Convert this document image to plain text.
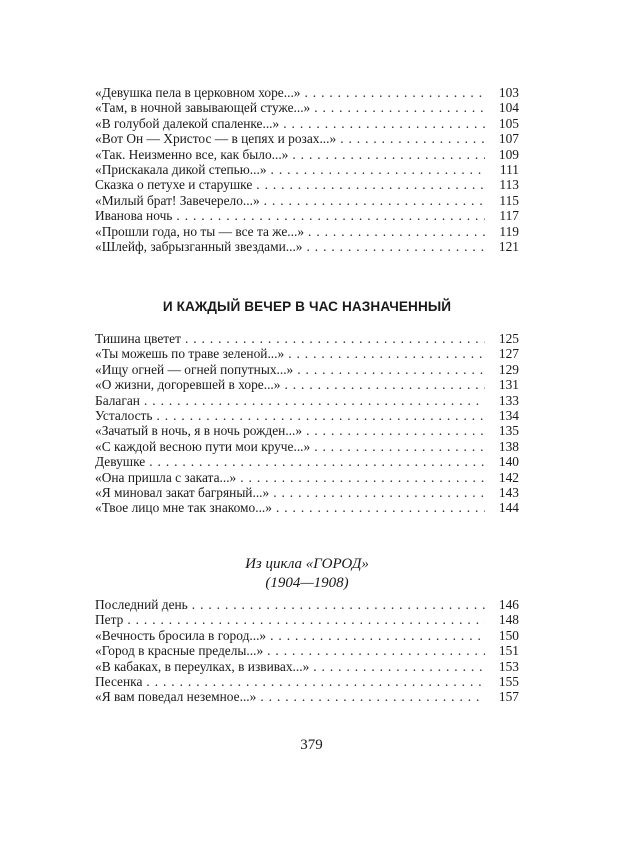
«Девушка пела в церковном хоре...» . . .	103
«Там, в ночной завывающей стуже...» . . .	104
«В голубой далекой спаленке...» . . .	105
«Вот Он — Христос — в цепях и розах...» . . .	107
«Так. Неизменно все, как было...» . . .	109
«Прискакала дикой степью...» . . .	111
Сказка о петухе и старушке . . .	113
«Милый брат! Завечерело...» . . .	115
Иванова ночь . . .	117
«Прошли года, но ты — все та же...» . . .	119
«Шлейф, забрызганный звездами...» . . .	121
И КАЖДЫЙ ВЕЧЕР В ЧАС НАЗНАЧЕННЫЙ
Тишина цветет . . .	125
«Ты можешь по траве зеленой...» . . .	127
«Ищу огней — огней попутных...» . . .	129
«О жизни, догоревшей в хоре...» . . .	131
Балаган . . .	133
Усталость . . .	134
«Зачатый в ночь, я в ночь рожден...» . . .	135
«С каждой весною пути мои круче...» . . .	138
Девушке . . .	140
«Она пришла с заката...» . . .	142
«Я миновал закат багряный...» . . .	143
«Твое лицо мне так знакомо...» . . .	144
Из цикла «ГОРОД»
(1904—1908)
Последний день . . .	146
Петр . . .	148
«Вечность бросила в город...» . . .	150
«Город в красные пределы...» . . .	151
«В кабаках, в переулках, в извивах...» . . .	153
Песенка . . .	155
«Я вам поведал неземное...» . . .	157
379
